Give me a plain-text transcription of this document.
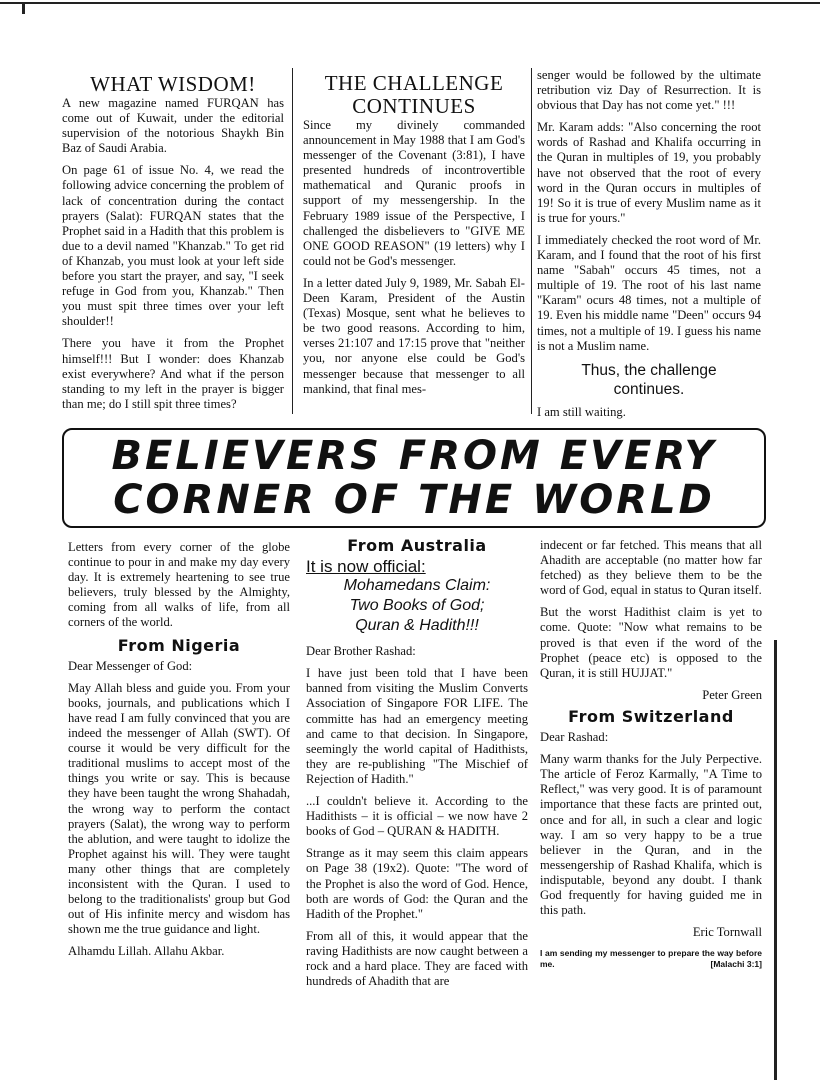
WHAT WISDOM!

A new magazine named FURQAN has come out of Kuwait, under the editorial supervision of the notorious Shaykh Bin Baz of Saudi Arabia.

On page 61 of issue No. 4, we read the following advice concerning the problem of lack of concentration during the contact prayers (Salat): FURQAN states that the Prophet said in a Hadith that this problem is due to a devil named "Khanzab." To get rid of Khanzab, you must look at your left side before you start the prayer, and say, "I seek refuge in God from you, Khanzab." Then you must spit three times over your left shoulder!!

There you have it from the Prophet himself!!! But I wonder: does Khanzab exist everywhere? And what if the person standing to my left in the prayer is bigger than me; do I still spit three times?

THE CHALLENGE
CONTINUES

Since my divinely commanded announcement in May 1988 that I am God's messenger of the Covenant (3:81), I have presented hundreds of incontrovertible mathematical and Quranic proofs in support of my messengership. In the February 1989 issue of the Perspective, I challenged the disbelievers to "GIVE ME ONE GOOD REASON" (19 letters) why I could not be God's messenger.

In a letter dated July 9, 1989, Mr. Sabah El-Deen Karam, President of the Austin (Texas) Mosque, sent what he believes to be two good reasons. According to him, verses 21:107 and 17:15 prove that "neither you, nor anyone else could be God's messenger because that messenger to all mankind, that final mes-

senger would be followed by the ultimate retribution viz Day of Resurrection. It is obvious that Day has not come yet." !!!

Mr. Karam adds: "Also concerning the root words of Rashad and Khalifa occurring in the Quran in multiples of 19, you probably have not observed that the root of every word in the Quran occurs in multiples of 19! So it is true of every Muslim name as it is true for yours."

I immediately checked the root word of Mr. Karam, and I found that the root of his first name "Sabah" occurs 45 times, not a multiple of 19. The root of his last name "Karam" ocurs 48 times, not a multiple of 19. Even his middle name "Deen" occurs 94 times, not a multiple of 19. I guess his name is not a Muslim name.

Thus, the challenge
continues.

I am still waiting.

BELIEVERS FROM EVERY
CORNER OF THE WORLD

Letters from every corner of the globe continue to pour in and make my day every day. It is extremely heartening to see true believers, truly blessed by the Almighty, coming from all walks of life, from all corners of the world.

From Nigeria

Dear Messenger of God:

May Allah bless and guide you. From your books, journals, and publications which I have read I am fully convinced that you are indeed the messenger of Allah (SWT). Of course it would be very difficult for the traditional muslims to accept most of the things you write or say. This is because they have been taught the wrong Shahadah, the wrong way to perform the contact prayers (Salat), the wrong way to perform the ablution, and were taught to idolize the Prophet against his will. They were taught many other things that are completely inconsistent with the Quran. I used to belong to the traditionalists' group but God out of His infinite mercy and wisdom has shown me the true guidance and light.

Alhamdu Lillah. Allahu Akbar.

From Australia
It is now official:
Mohamedans Claim:
Two Books of God;
Quran & Hadith!!!

Dear Brother Rashad:

I have just been told that I have been banned from visiting the Muslim Converts Association of Singapore FOR LIFE. The committe has had an emergency meeting and came to that decision. In Singapore, seemingly the world capital of Hadithists, they are re-publishing "The Mischief of Rejection of Hadith."

...I couldn't believe it. According to the Hadithists – it is official – we now have 2 books of God – QURAN & HADITH.

Strange as it may seem this claim appears on Page 38 (19x2). Quote: "The word of the Prophet is also the word of God. Hence, both are words of God: the Quran and the Hadith of the Prophet."

From all of this, it would appear that the raving Hadithists are now caught between a rock and a hard place. They are faced with hundreds of Ahadith that are

indecent or far fetched. This means that all Ahadith are acceptable (no matter how far fetched) as they believe them to be the word of God, equal in status to Quran itself.

But the worst Hadithist claim is yet to come. Quote: "Now what remains to be proved is that even if the word of the Prophet (peace etc) is opposed to the Quran, it is still HUJJAT."

Peter Green
From Switzerland

Dear Rashad:

Many warm thanks for the July Perpective. The article of Feroz Karmally, "A Time to Reflect," was very good. It is of paramount importance that these facts are printed out, once and for all, in such a clear and logic way. I am so very happy to be a true believer in the Quran, and in the messengership of Rashad Khalifa, which is indisputable, beyond any doubt. I thank God frequently for having guided me in this path.

Eric Tornwall
I am sending my messenger to prepare the way before me.	[Malachi 3:1]
